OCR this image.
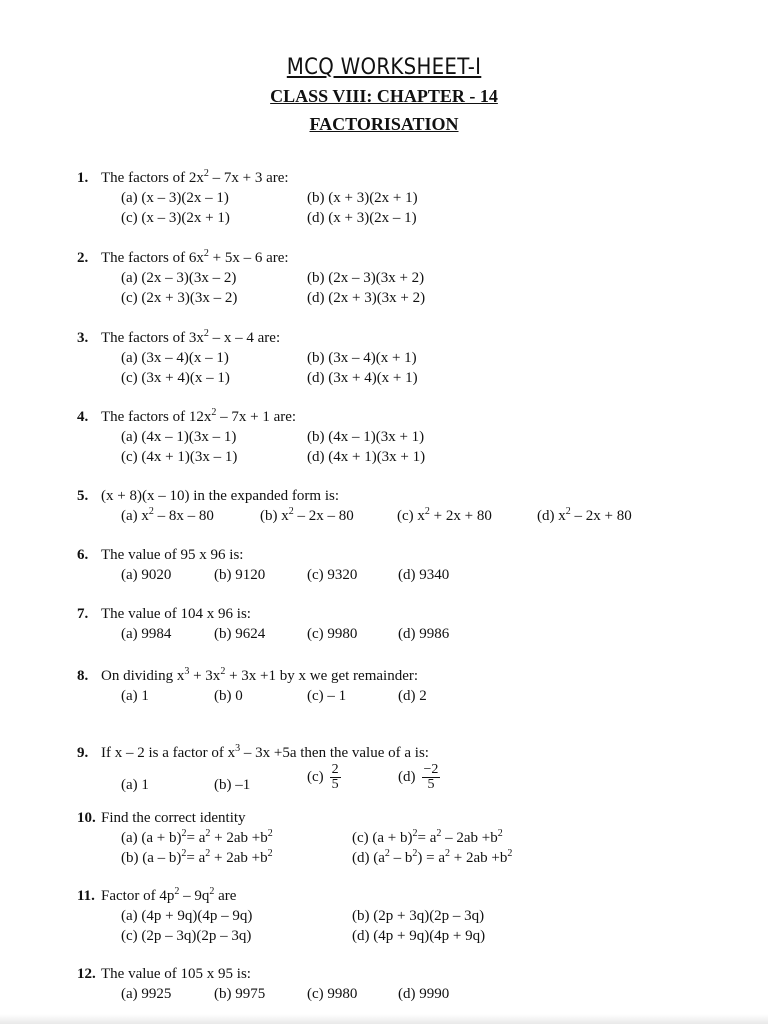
MCQ WORKSHEET-I
CLASS VIII: CHAPTER - 14
FACTORISATION
1. The factors of $2x^2 - 7x + 3$ are:
(a) (x – 3)(2x – 1)	(b) (x + 3)(2x + 1)
(c) (x – 3)(2x + 1)	(d) (x + 3)(2x – 1)
2. The factors of $6x^2 + 5x - 6$ are:
(a) (2x – 3)(3x – 2)	(b) (2x – 3)(3x + 2)
(c) (2x + 3)(3x – 2)	(d) (2x + 3)(3x + 2)
3. The factors of $3x^2$ – x – 4 are:
(a) (3x – 4)(x – 1)	(b) (3x – 4)(x + 1)
(c) (3x + 4)(x – 1)	(d) (3x + 4)(x + 1)
4. The factors of $12x^2 - 7x + 1$ are:
(a) (4x – 1)(3x – 1)	(b) (4x – 1)(3x + 1)
(c) (4x + 1)(3x – 1)	(d) (4x + 1)(3x + 1)
5. (x + 8)(x – 10) in the expanded form is:
(a) $x^2 - 8x - 80$	(b) $x^2 - 2x - 80$	(c) $x^2 + 2x + 80$	(d) $x^2 - 2x + 80$
6. The value of 95 x 96 is:
(a) 9020	(b) 9120	(c) 9320	(d) 9340
7. The value of 104 x 96 is:
(a) 9984	(b) 9624	(c) 9980	(d) 9986
8. On dividing $x^3 + 3x^2 + 3x +1$ by x we get remainder:
(a) 1	(b) 0	(c) – 1	(d) 2
9. If x – 2 is a factor of $x^3 - 3x +5a$ then the value of a is:
(a) 1	(b) –1
$(c) \frac{2}{5}$	$(d) \frac{-2}{5}$
10. Find the correct identity
(a) $(a + b)^2= a^2 + 2ab +b^2$
(b) $(a - b)^2= a^2 + 2ab +b^2$
(c) $(a + b)^2= a^2 - 2ab +b^2$
(d) $(a^2 - b^2) = a^2 + 2ab +b^2$
11. Factor of $4p^2 - 9q^2$ are
(a) (4p + 9q)(4p – 9q)	(b) (2p + 3q)(2p – 3q)
(c) (2p – 3q)(2p – 3q)	(d) (4p + 9q)(4p + 9q)
12. The value of 105 x 95 is:
(a) 9925	(b) 9975	(c) 9980	(d) 9990
